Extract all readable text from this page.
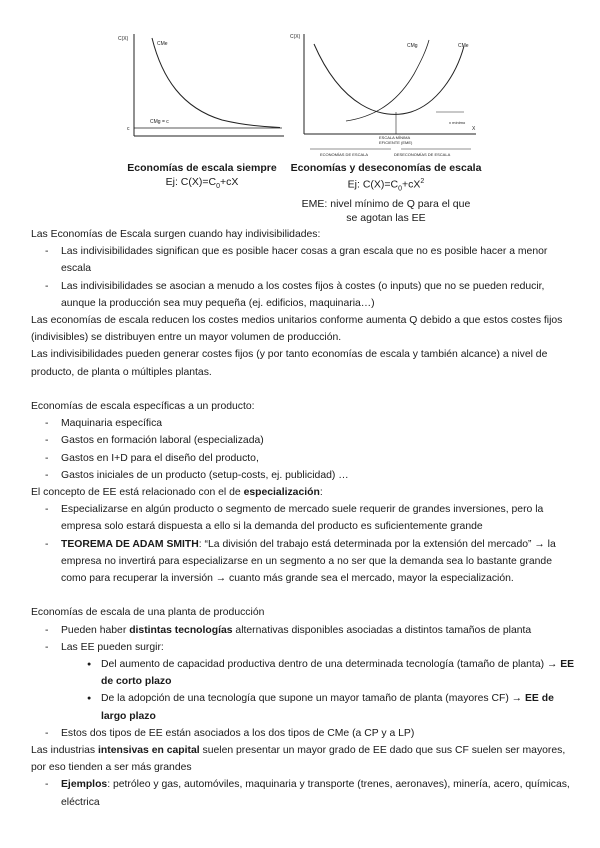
C(X)
CMe
CMg = c
c
Economías de escala siempre
Ej: $C(X)=C_0+cX$
C(X)
CMg	CMe
X
x mínimo
ESCALA MÍNIMA
EFICIENTE (EME)
ECONOMÍAS DE ESCALA	DESECONOMÍAS DE ESCALA
Economías y deseconomías de escala
Ej: $C(X)=C_0+cX^2$
EME: nivel mínimo de Q para el que
se agotan las EE

Las Economías de Escala surgen cuando hay indivisibilidades:

- Las indivisibilidades significan que es posible hacer cosas a gran escala que no es posible hacer a menor escala

- Las indivisibilidades se asocian a menudo a los costes fijos à costes (o inputs) que no se pueden reducir, aunque la producción sea muy pequeña (ej. edificios, maquinaria…)

Las economías de escala reducen los costes medios unitarios conforme aumenta Q debido a que estos costes fijos (indivisibles) se distribuyen entre un mayor volumen de producción.

Las indivisibilidades pueden generar costes fijos (y por tanto economías de escala y también alcance) a nivel de producto, de planta o múltiples plantas.

Economías de escala específicas a un producto:

- Maquinaria específica

- Gastos en formación laboral (especializada)

- Gastos en I+D para el diseño del producto,

- Gastos iniciales de un producto (setup-costs, ej. publicidad) …

El concepto de EE está relacionado con el de especialización:

- Especializarse en algún producto o segmento de mercado suele requerir de grandes inversiones, pero la empresa solo estará dispuesta a ello si la demanda del producto es suficientemente grande

- TEOREMA DE ADAM SMITH: “La división del trabajo está determinada por la extensión del mercado” → la empresa no invertirá para especializarse en un segmento a no ser que la demanda sea lo bastante grande como para recuperar la inversión → cuanto más grande sea el mercado, mayor la especialización.

Economías de escala de una planta de producción

- Pueden haber distintas tecnologías alternativas disponibles asociadas a distintos tamaños de planta

- Las EE pueden surgir:

● Del aumento de capacidad productiva dentro de una determinada tecnología (tamaño de planta) → EE de corto plazo

● De la adopción de una tecnología que supone un mayor tamaño de planta (mayores CF) → EE de largo plazo

- Estos dos tipos de EE están asociados a los dos tipos de CMe (a CP y a LP)

Las industrias intensivas en capital suelen presentar un mayor grado de EE dado que sus CF suelen ser mayores, por eso tienden a ser más grandes

- Ejemplos: petróleo y gas, automóviles, maquinaria y transporte (trenes, aeronaves), minería, acero, químicas, eléctrica
